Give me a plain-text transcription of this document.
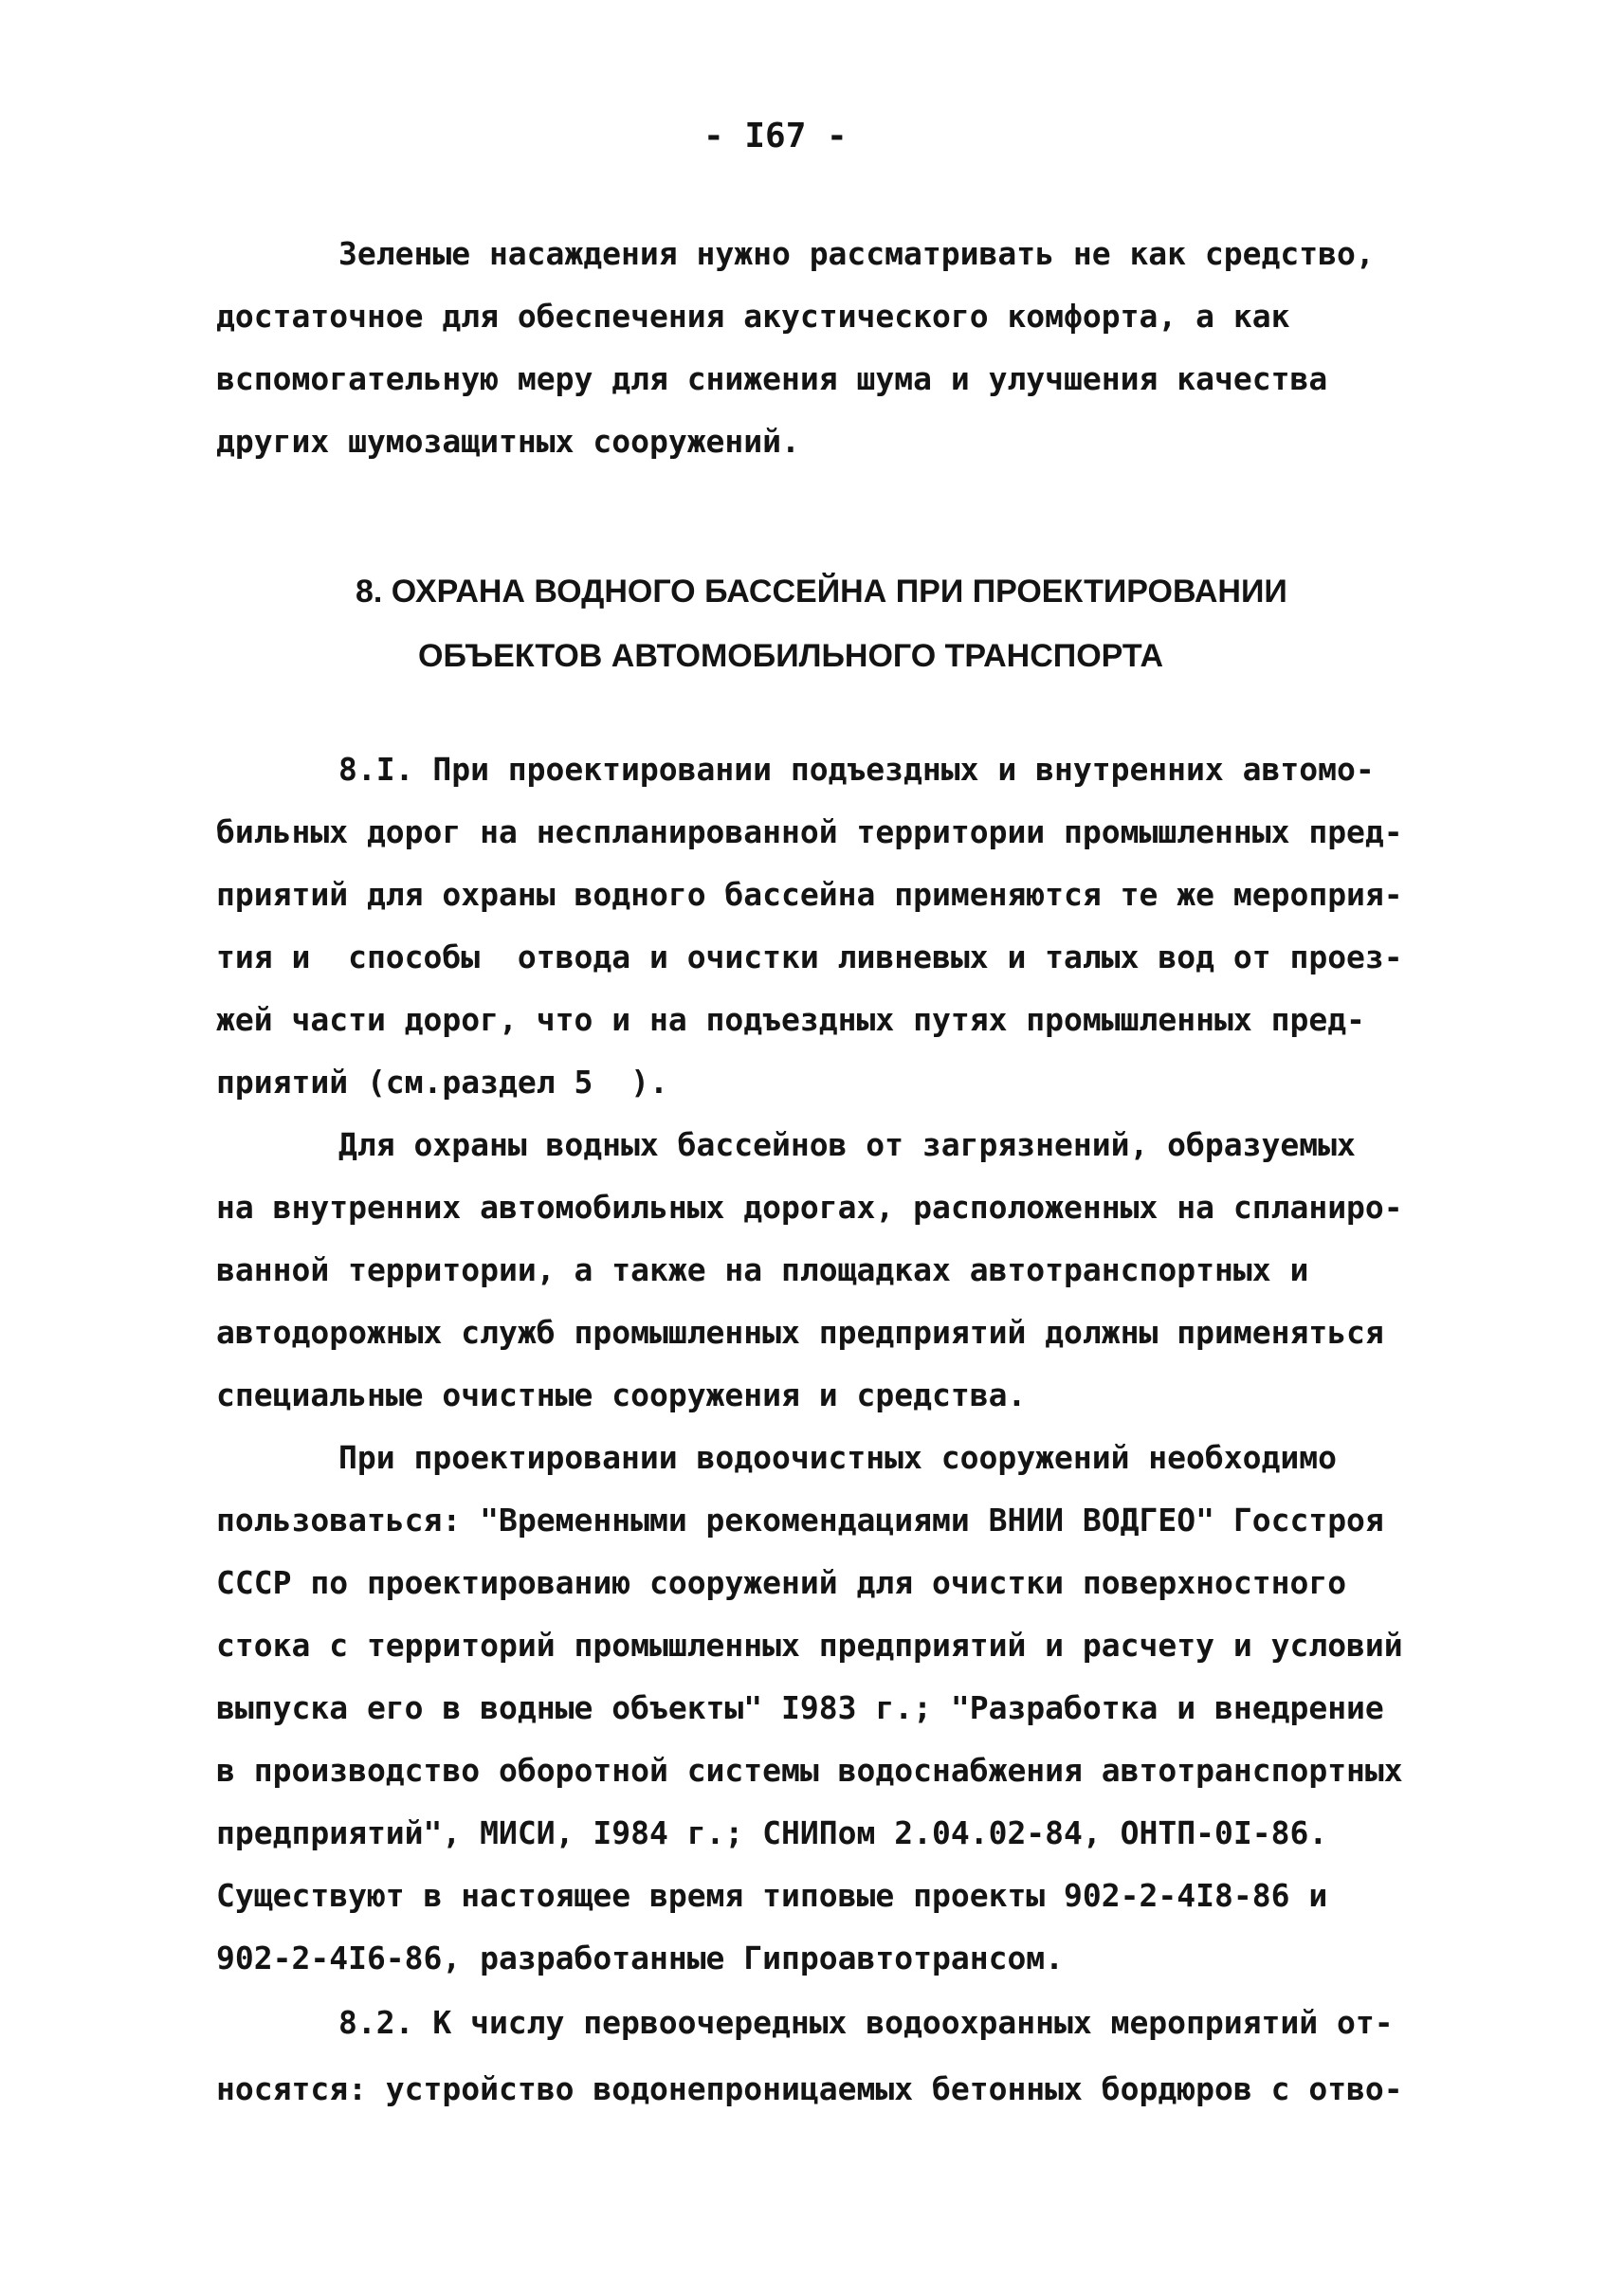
- I67 -
Зеленые насаждения нужно рассматривать не как средство,
достаточное для обеспечения акустического комфорта, а как
вспомогательную меру для снижения шума и улучшения качества
других шумозащитных сооружений.
8. ОХРАНА ВОДНОГО БАССЕЙНА ПРИ ПРОЕКТИРОВАНИИ
ОБЪЕКТОВ АВТОМОБИЛЬНОГО ТРАНСПОРТА
8.I. При проектировании подъездных и внутренних автомо-
бильных дорог на неспланированной территории промышленных пред-
приятий для охраны водного бассейна применяются те же мероприя-
тия и  способы  отвода и очистки ливневых и талых вод от проез-
жей части дорог, что и на подъездных путях промышленных пред-
приятий (см.раздел 5  ).
Для охраны водных бассейнов от загрязнений, образуемых
на внутренних автомобильных дорогах, расположенных на спланиро-
ванной территории, а также на площадках автотранспортных и
автодорожных служб промышленных предприятий должны применяться
специальные очистные сооружения и средства.
При проектировании водоочистных сооружений необходимо
пользоваться: "Временными рекомендациями ВНИИ ВОДГЕО" Госстроя
СССР по проектированию сооружений для очистки поверхностного
стока с территорий промышленных предприятий и расчету и условий
выпуска его в водные объекты" I983 г.; "Разработка и внедрение
в производство оборотной системы водоснабжения автотранспортных
предприятий", МИСИ, I984 г.; СНИПом 2.04.02-84, ОНТП-0I-86.
Существуют в настоящее время типовые проекты 902-2-4I8-86 и
902-2-4I6-86, разработанные Гипроавтотрансом.
8.2. К числу первоочередных водоохранных мероприятий от-
носятся: устройство водонепроницаемых бетонных бордюров с отво-
